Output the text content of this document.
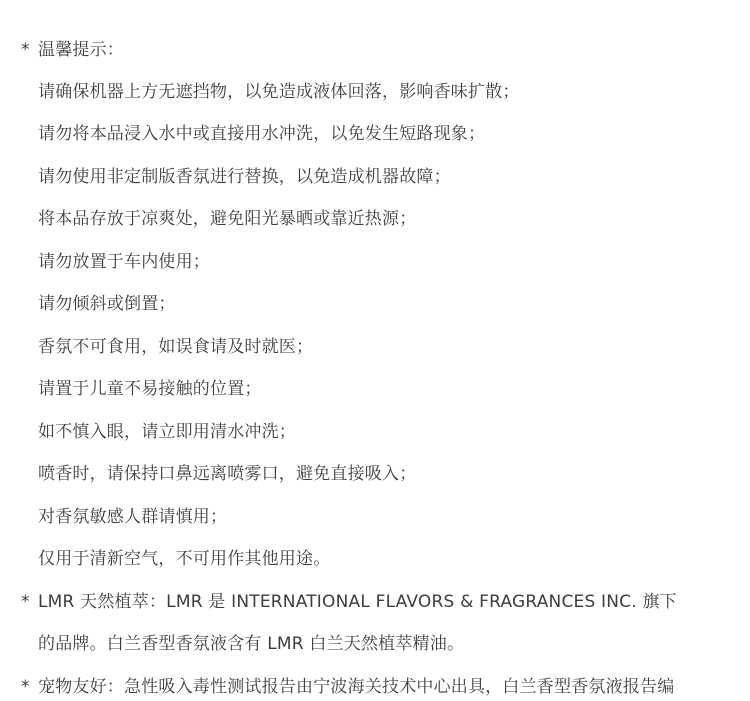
* 温馨提示：
请确保机器上方无遮挡物，以免造成液体回落，影响香味扩散；
请勿将本品浸入水中或直接用水冲洗，以免发生短路现象；
请勿使用非定制版香氛进行替换，以免造成机器故障；
将本品存放于凉爽处，避免阳光暴晒或靠近热源；
请勿放置于车内使用；
请勿倾斜或倒置；
香氛不可食用，如误食请及时就医；
请置于儿童不易接触的位置；
如不慎入眼，请立即用清水冲洗；
喷香时，请保持口鼻远离喷雾口，避免直接吸入；
对香氛敏感人群请慎用；
仅用于清新空气，不可用作其他用途。
* LMR 天然植萃：LMR 是 INTERNATIONAL FLAVORS & FRAGRANCES INC. 旗下
的品牌。白兰香型香氛液含有 LMR 白兰天然植萃精油。
* 宠物友好：急性吸入毒性测试报告由宁波海关技术中心出具，白兰香型香氛液报告编
